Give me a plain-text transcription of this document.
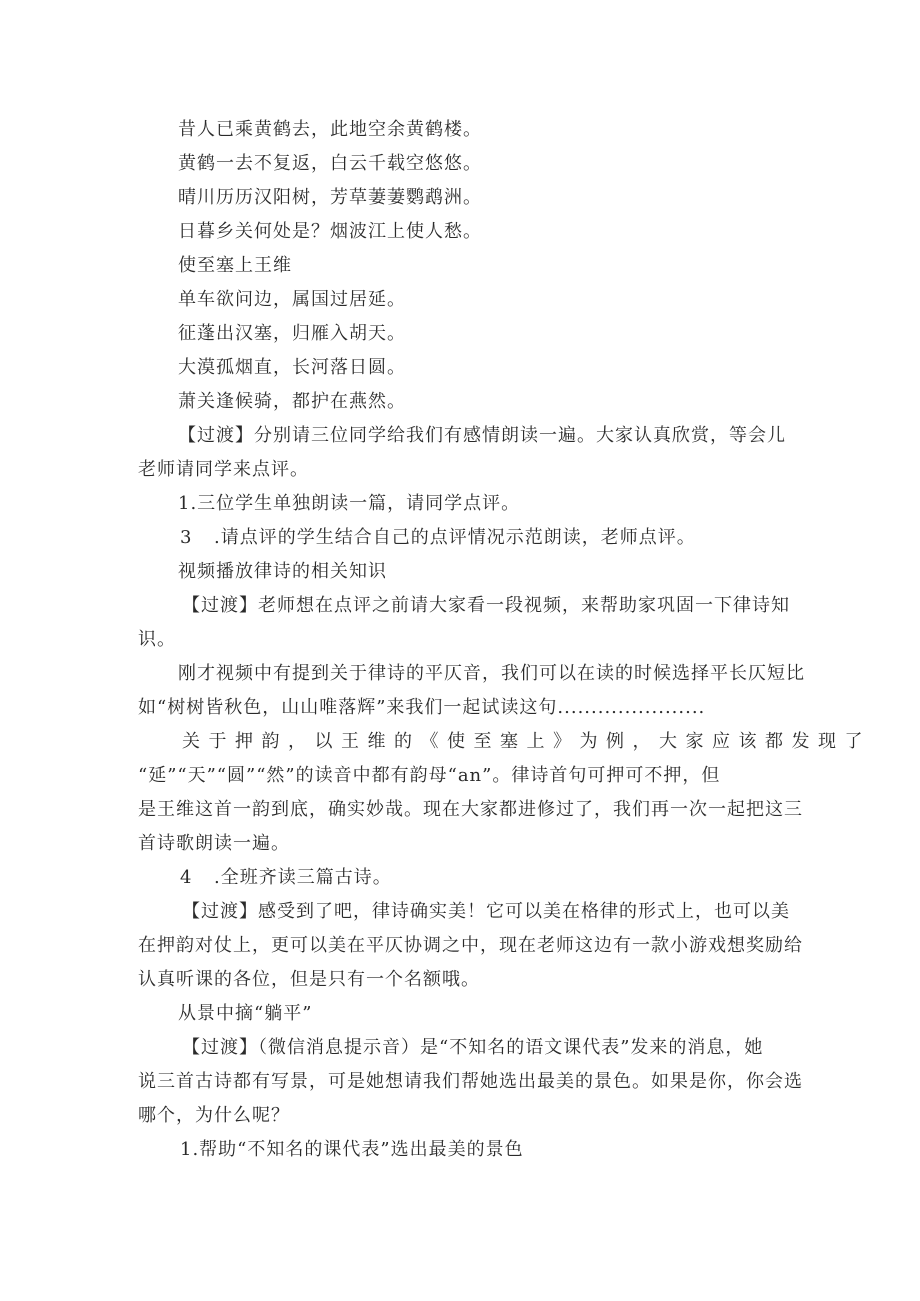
昔人已乘黄鹤去，此地空余黄鹤楼。
黄鹤一去不复返，白云千载空悠悠。
晴川历历汉阳树，芳草萋萋鹦鹉洲。
日暮乡关何处是？烟波江上使人愁。
使至塞上王维
单车欲问边，属国过居延。
征蓬出汉塞，归雁入胡天。
大漠孤烟直，长河落日圆。
萧关逢候骑，都护在燕然。
【过渡】分别请三位同学给我们有感情朗读一遍。大家认真欣赏，等会儿
老师请同学来点评。
1.三位学生单独朗读一篇，请同学点评。
3 .请点评的学生结合自己的点评情况示范朗读，老师点评。
视频播放律诗的相关知识
【过渡】老师想在点评之前请大家看一段视频，来帮助家巩固一下律诗知
识。
刚才视频中有提到关于律诗的平仄音，我们可以在读的时候选择平长仄短比
如“树树皆秋色，山山唯落辉”来我们一起试读这句......................
关于押韵，以王维的《使至塞上》为例，大家应该都发现了
“延”“天”“圆”“然”的读音中都有韵母“an”。律诗首句可押可不押，但
是王维这首一韵到底，确实妙哉。现在大家都进修过了，我们再一次一起把这三
首诗歌朗读一遍。
4 .全班齐读三篇古诗。
【过渡】感受到了吧，律诗确实美！它可以美在格律的形式上，也可以美
在押韵对仗上，更可以美在平仄协调之中，现在老师这边有一款小游戏想奖励给
认真听课的各位，但是只有一个名额哦。
从景中摘“躺平”
【过渡】（微信消息提示音）是“不知名的语文课代表”发来的消息，她
说三首古诗都有写景，可是她想请我们帮她选出最美的景色。如果是你，你会选
哪个，为什么呢？
1.帮助“不知名的课代表”选出最美的景色
